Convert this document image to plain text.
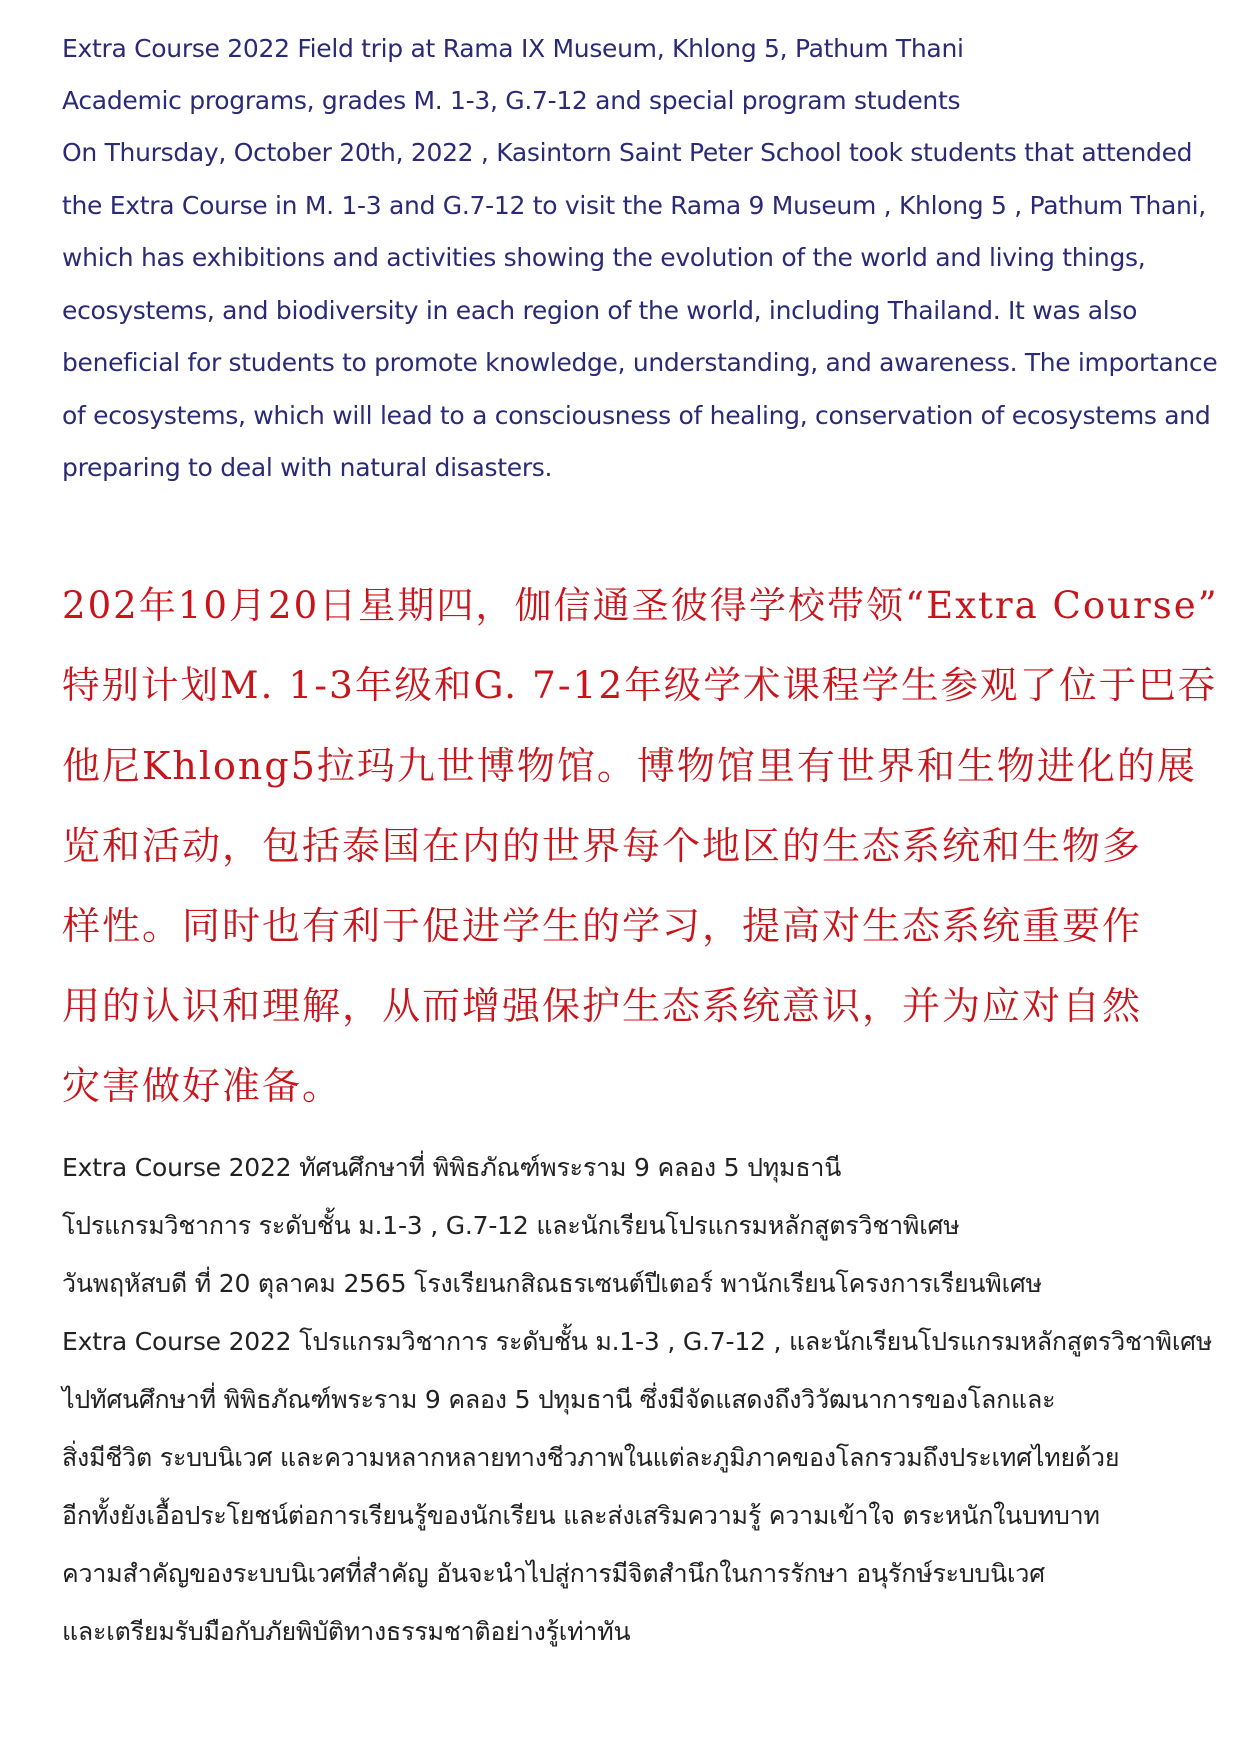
Extra Course 2022 Field trip at Rama IX Museum, Khlong 5, Pathum Thani

Academic programs, grades M. 1-3, G.7-12 and special program students

On Thursday, October 20th, 2022 , Kasintorn Saint Peter School took students that attended

the Extra Course in M. 1-3 and G.7-12 to visit the Rama 9 Museum , Khlong 5 , Pathum Thani,

which has exhibitions and activities showing the evolution of the world and living things,

ecosystems, and biodiversity in each region of the world, including Thailand. It was also

beneficial for students to promote knowledge, understanding, and awareness. The importance

of ecosystems, which will lead to a consciousness of healing, conservation of ecosystems and

preparing to deal with natural disasters.

202年10月20日星期四，伽信通圣彼得学校带领“Extra Course”

特别计划M. 1-3年级和G. 7-12年级学术课程学生参观了位于巴吞

他尼Khlong5拉玛九世博物馆。博物馆里有世界和生物进化的展

览和活动，包括泰国在内的世界每个地区的生态系统和生物多

样性。同时也有利于促进学生的学习，提高对生态系统重要作

用的认识和理解，从而增强保护生态系统意识，并为应对自然

灾害做好准备。

Extra Course 2022 ทัศนศึกษาที่ พิพิธภัณฑ์พระราม 9 คลอง 5 ปทุมธานี

โปรแกรมวิชาการ ระดับชั้น ม.1-3 , G.7-12 และนักเรียนโปรแกรมหลักสูตรวิชาพิเศษ

วันพฤหัสบดี ที่ 20 ตุลาคม 2565 โรงเรียนกสิณธรเซนต์ปีเตอร์ พานักเรียนโครงการเรียนพิเศษ

Extra Course 2022 โปรแกรมวิชาการ ระดับชั้น ม.1-3 , G.7-12 , และนักเรียนโปรแกรมหลักสูตรวิชาพิเศษ

ไปทัศนศึกษาที่ พิพิธภัณฑ์พระราม 9 คลอง 5 ปทุมธานี ซึ่งมีจัดแสดงถึงวิวัฒนาการของโลกและ

สิ่งมีชีวิต ระบบนิเวศ และความหลากหลายทางชีวภาพในแต่ละภูมิภาคของโลกรวมถึงประเทศไทยด้วย

อีกทั้งยังเอื้อประโยชน์ต่อการเรียนรู้ของนักเรียน และส่งเสริมความรู้ ความเข้าใจ ตระหนักในบทบาท

ความสำคัญของระบบนิเวศที่สำคัญ อันจะนำไปสู่การมีจิตสำนึกในการรักษา อนุรักษ์ระบบนิเวศ

และเตรียมรับมือกับภัยพิบัติทางธรรมชาติอย่างรู้เท่าทัน
